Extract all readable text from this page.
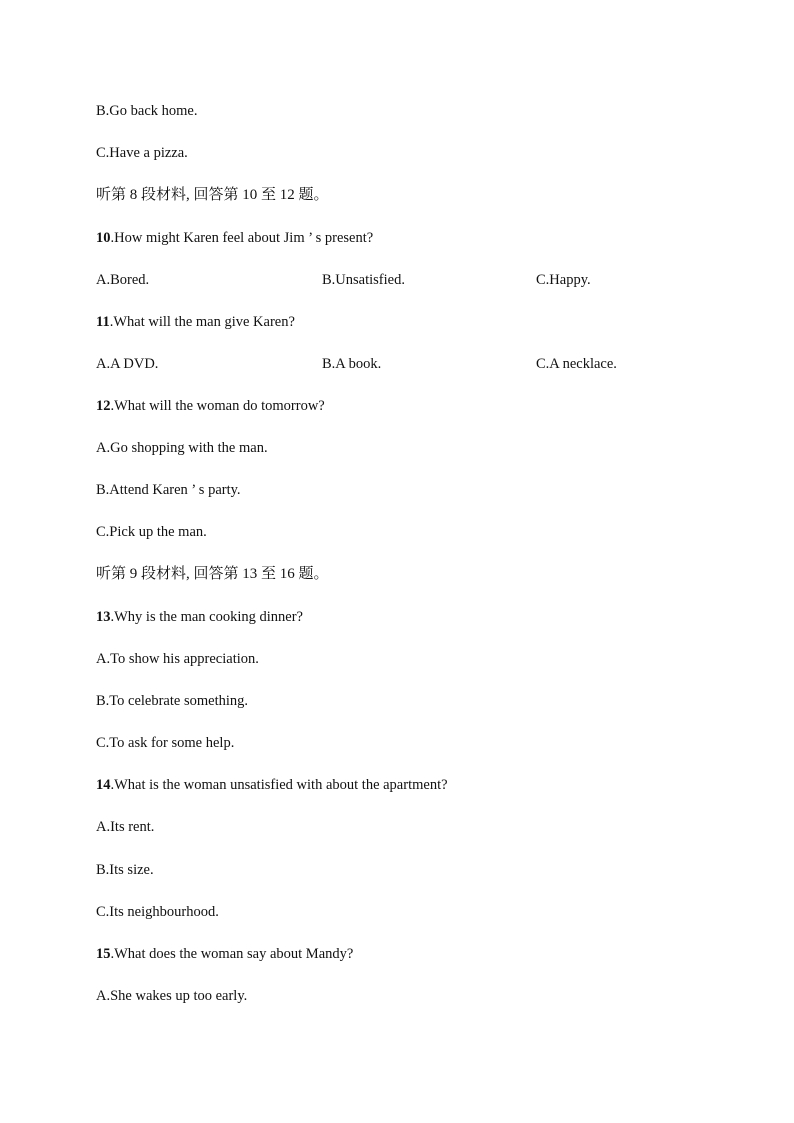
B.Go back home.
C.Have a pizza.
听第 8 段材料, 回答第 10 至 12 题。
10.How might Karen feel about Jim ’ s present?
A.Bored.	B.Unsatisfied.	C.Happy.
11.What will the man give Karen?
A.A DVD.	B.A book.	C.A necklace.
12.What will the woman do tomorrow?
A.Go shopping with the man.
B.Attend Karen ’ s party.
C.Pick up the man.
听第 9 段材料, 回答第 13 至 16 题。
13.Why is the man cooking dinner?
A.To show his appreciation.
B.To celebrate something.
C.To ask for some help.
14.What is the woman unsatisfied with about the apartment?
A.Its rent.
B.Its size.
C.Its neighbourhood.
15.What does the woman say about Mandy?
A.She wakes up too early.
